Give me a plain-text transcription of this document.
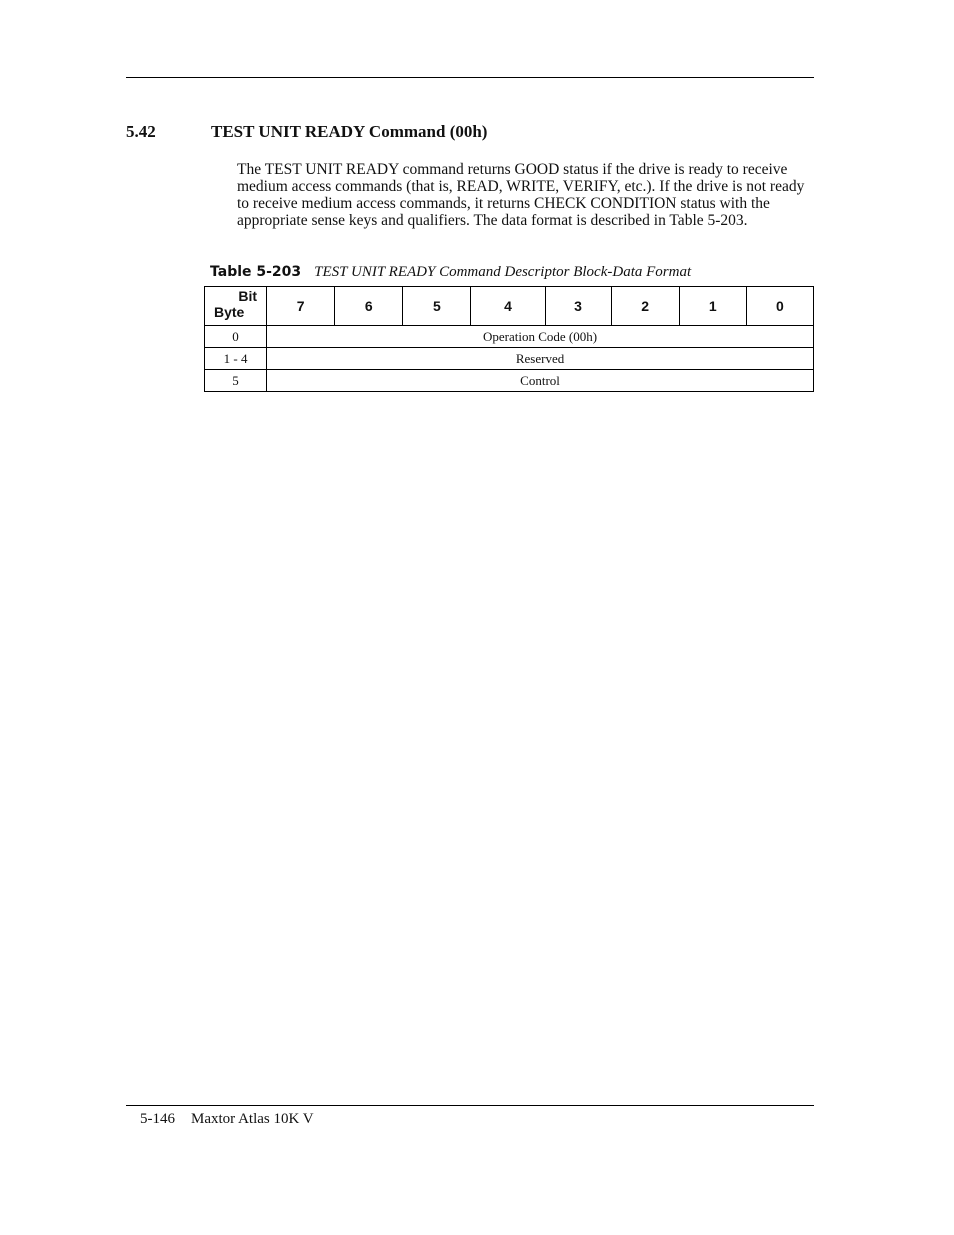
5.42	TEST UNIT READY Command (00h)

The TEST UNIT READY command returns GOOD status if the drive is ready to receive medium access commands (that is, READ, WRITE, VERIFY, etc.). If the drive is not ready to receive medium access commands, it returns CHECK CONDITION status with the appropriate sense keys and qualifiers. The data format is described in Table 5-203.

Table 5-203 TEST UNIT READY Command Descriptor Block-Data Format
Bit
Byte	7	6	5	4	3	2	1	0
0	Operation Code (00h)							
1 - 4	Reserved							
5	Control							
5-146 Maxtor Atlas 10K V
